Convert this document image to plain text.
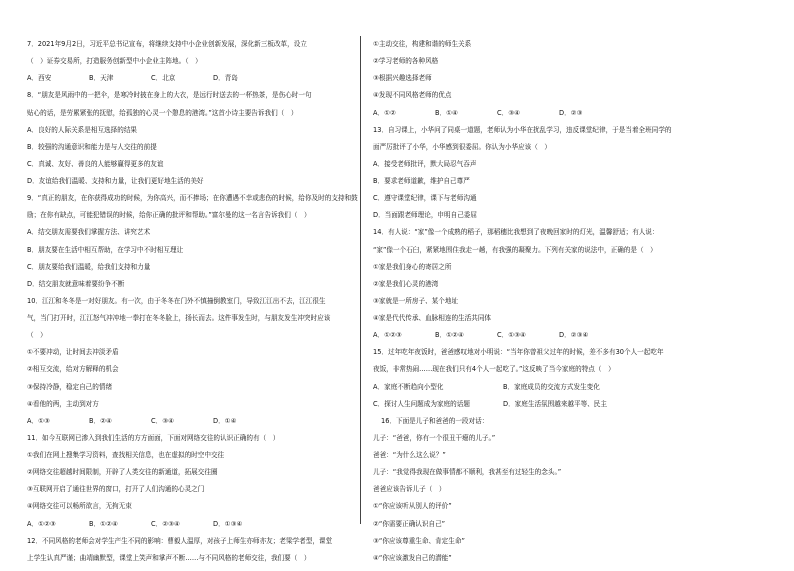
7．2021年9月2日，习近平总书记宣布，将继续支持中小企业创新发展，深化新三板改革，设立
（　）证券交易所，打造服务创新型中小企业主阵地。（　）
A．西安	B．天津	C．北京	D．青岛
8．“朋友是风雨中的一把伞，是寒冷时披在身上的大衣，是远行时送去的一杯热茶，是伤心时一句
贴心的话，是劳累紧张的抚慰，给孤独的心灵一个憩息的港湾。”这首小诗主要告诉我们（　）
A．良好的人际关系是相互选择的结果
B．较强的沟通意识和能力是与人交往的前提
C．真诚、友好、善良的人能够赢得更多的友谊
D．友谊给我们温暖、支持和力量，让我们更好地生活的美好
9．“真正的朋友，在你获得成功的时候，为你高兴，而不捧场；在你遭遇不幸或悲伤的时候，给你及时的支持和鼓
励；在你有缺点，可能犯错误的时候，给你正确的批评和帮助。”富尔曼的这一名言告诉我们（　）
A．结交朋友需要我们掌握方法、讲究艺术
B．朋友要在生活中相互帮助，在学习中不时相互理让
C．朋友要给我们温暖，给我们支持和力量
D．结交朋友就意味着要纷争不断
10．江江和冬冬是一对好朋友。有一次，由于冬冬在门外不慎撞倒教室门，导致江江出不去，江江很生
气，当门打开时，江江怒气冲冲地一拳打在冬冬脸上，扬长而去。这件事发生时，与朋友发生冲突时应该
（　）
①不要冲动，让时间去冲淡矛盾
②相互交流，给对方解释的机会
③保持冷静，稳定自己的情绪
④看他的两，主动到对方
A．①③	B．②④	C．③④	D．①④
11．如今互联网已渗入到我们生活的方方面面，下面对网络交往的认识正确的有（　）
①我们在网上搜集学习资料，查找相关信息，也在虚拟的时空中交往
②网络交往超越时间限制，开辟了人类交往的新通道，拓展交往圈
③互联网开启了通往世界的窗口，打开了人们沟通的心灵之门
④网络交往可以畅所欲言，无拘无束
A．①②③	B．①②④	C．②③④	D．①③④
12．不同风格的老师会对学生产生不同的影响：曹毅人温厚，对孩子上师生亦师亦友；老梁学者型，课堂
上学生认真严谨；曲靖幽默型，课堂上笑声和掌声不断……与不同风格的老师交往，我们要（　）
①主动交往，构建和谐的师生关系
②学习老师的各种风格
③根据兴趣选择老师
④发现不同风格老师的优点
A．①②	B．①④	C．③④	D．②③
13．自习课上，小华问了同桌一道题，老师认为小华在扰乱学习，违反课堂纪律，于是当着全班同学的
面严厉批评了小华，小华感到很委屈。你认为小华应该（　）
A．接受老师批评，默大局忍气吞声
B．要求老师道歉，维护自己尊严
C．遵守课堂纪律，课下与老师沟通
D．当面跟老师理论，申明自己委屈
14．有人说：“家”像一个成熟的稻子，那稻穗比我想到了夜晚回家时的灯光，温馨舒适；有人说：
“家”像一个石臼，紧紧地围住我走一趟，有我强的凝聚力。下列有关家的说法中，正确的是（　）
①家是我们身心的寄居之所
②家是我们心灵的港湾
③家就是一所房子、某个地址
④家是代代传承、血脉相连的生活共同体
A．①②③	B．①②④	C．①③④	D．②③④
15．过年吃年夜饭时，爸爸感叹地对小明说：“当年你曾祖父过年的时候，差不多有30个人一起吃年
夜饭，非常热闹……现在我们只有4个人一起吃了。”这反映了当今家庭的特点（　）
A．家庭不断趋向小型化	B．家庭成员的交流方式发生变化
C．探讨人生问题成为家庭的话题	D．家庭生活氛围越来越平等、民主
16．下面是儿子和爸爸的一段对话：
儿子：“爸爸，你有一个很丑干瘪的儿子。”
爸爸：“为什么这么说？”
儿子：“我觉得我现在做事情都不顺利，我甚至有过轻生的念头。”
爸爸应该告诉儿子（　）
①“你应该听从别人的评价”
②“你需要正确认识自己”
③“你应该尊重生命、肯定生命”
④“你应该激发自己的潜能”
